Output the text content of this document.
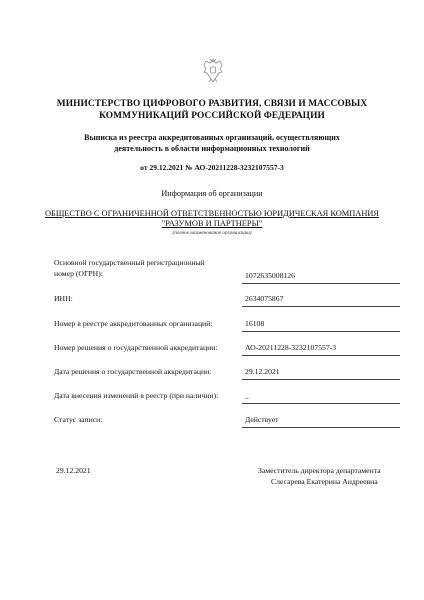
МИНИСТЕРСТВО ЦИФРОВОГО РАЗВИТИЯ, СВЯЗИ И МАССОВЫХ
КОММУНИКАЦИЙ РОССИЙСКОЙ ФЕДЕРАЦИИ
Выписка из реестра аккредитованных организаций, осуществляющих
деятельность в области информационных технологий
от 29.12.2021 № АО-20211228-3232107557-3
Информация об организации
ОБЩЕСТВО С ОГРАНИЧЕННОЙ ОТВЕТСТВЕННОСТЬЮ ЮРИДИЧЕСКАЯ КОМПАНИЯ
"РАЗУМОВ И ПАРТНЕРЫ"
(полное наименование организации)
Основной государственный регистрационный
номер (ОГРН):	1072635008126
ИНН:	2634075867
Номер в реестре аккредитованных организаций:	16108
Номер решения о государственной аккредитации:	АО-20211228-3232107557-3
Дата решения о государственной аккредитации:	29.12.2021
Дата внесения изменений в реестр (при наличии):	_
Статус записи:	Действует
29.12.2021	Заместитель директора департамента
Слесарева Екатерина Андреевна
